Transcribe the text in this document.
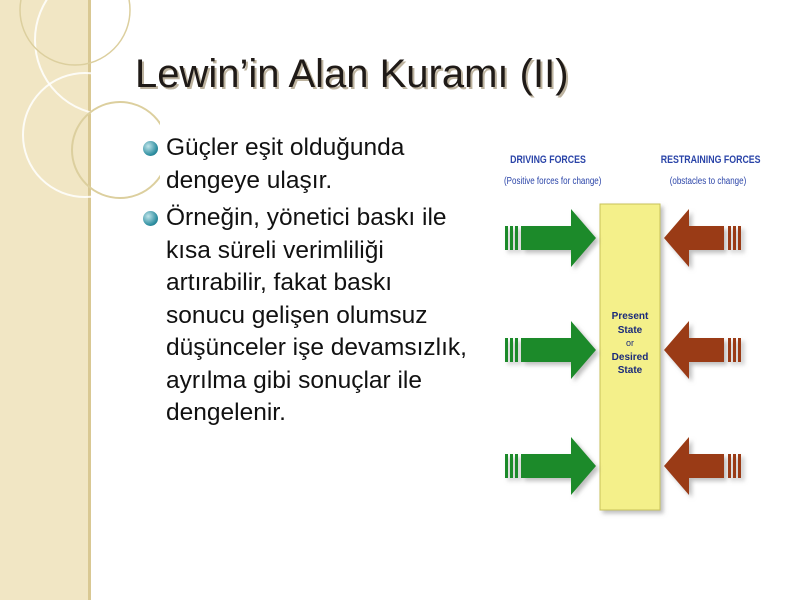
Lewin’in Alan Kuramı (II)
Güçler eşit olduğunda dengeye ulaşır.
Örneğin, yönetici baskı ile kısa süreli verimliliği artırabilir, fakat baskı sonucu gelişen olumsuz düşünceler işe devamsızlık, ayrılma gibi sonuçlar ile dengelenir.
DRIVING FORCES
(Positive forces for change)
RESTRAINING FORCES
(obstacles to change)
Present
State
or
Desired
State
